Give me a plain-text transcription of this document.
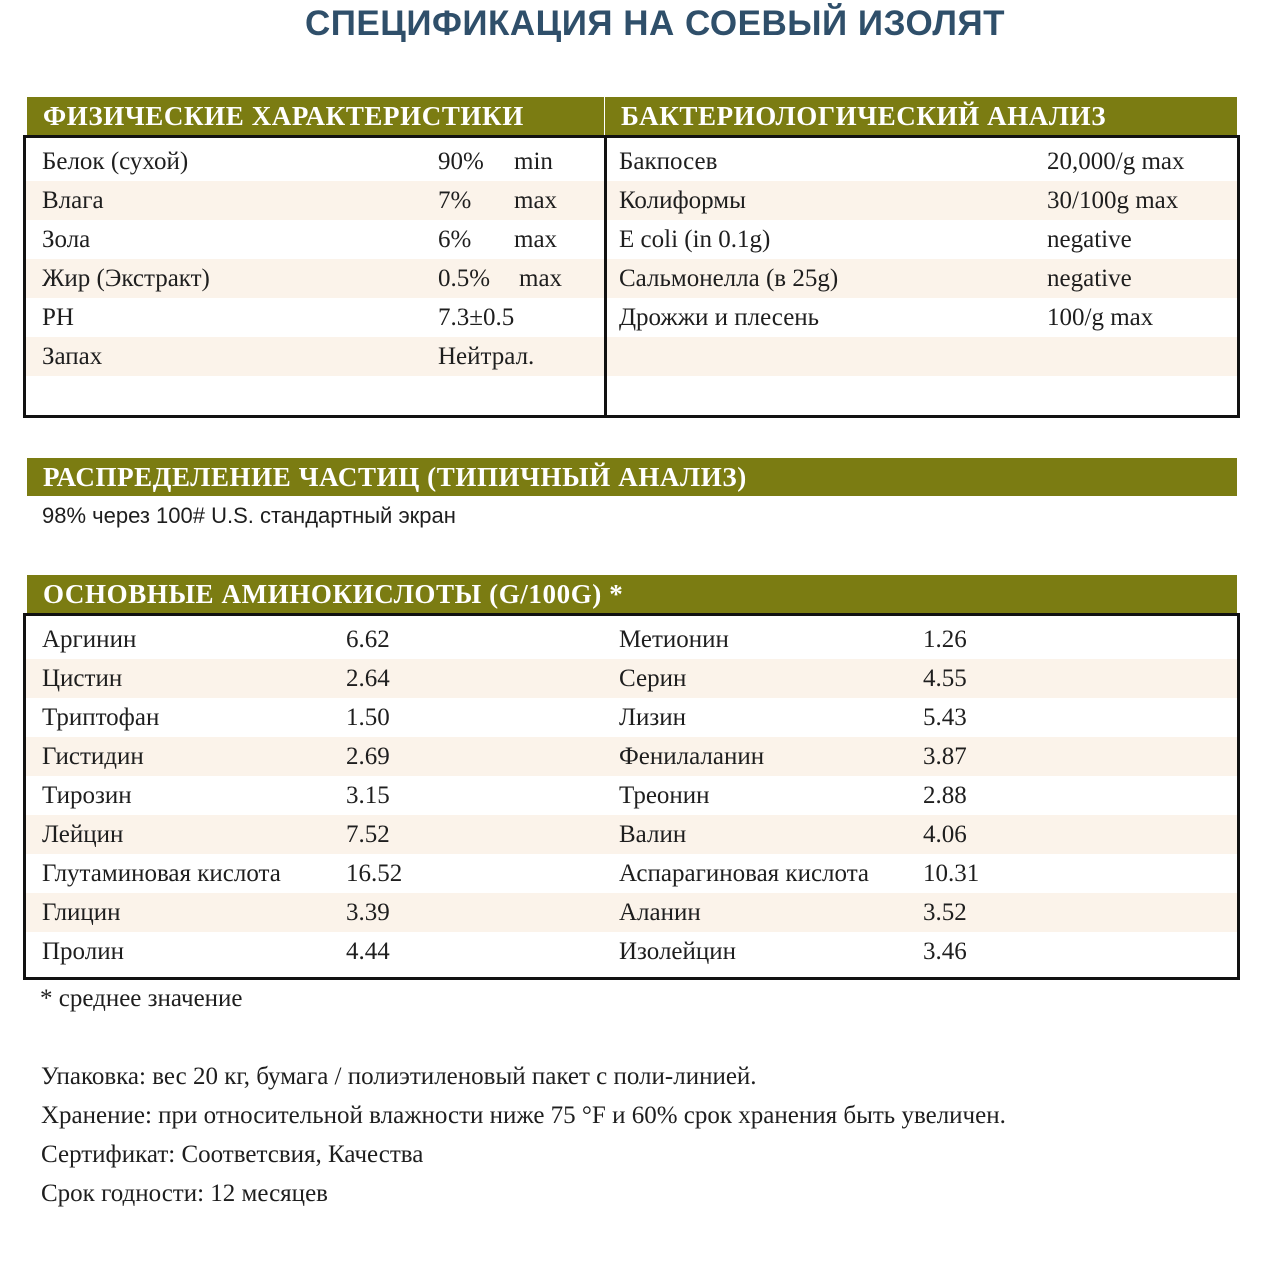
СПЕЦИФИКАЦИЯ НА СОЕВЫЙ ИЗОЛЯТ
ФИЗИЧЕСКИЕ ХАРАКТЕРИСТИКИ
Белок (сухой)	90% min
Влага	7% max
Зола	6% max
Жир (Экстракт)	0.5% max
PH	7.3±0.5
Запах	Нейтрал.
БАКТЕРИОЛОГИЧЕСКИЙ АНАЛИЗ
Бакпосев	20,000/g max
Колиформы	30/100g max
E coli (in 0.1g)	negative
Сальмонелла (в 25g)	negative
Дрожжи и плесень	100/g max
РАСПРЕДЕЛЕНИЕ ЧАСТИЦ (ТИПИЧНЫЙ АНАЛИЗ)
98% через 100# U.S. стандартный экран
ОСНОВНЫЕ АМИНОКИСЛОТЫ (G/100G) *
Аргинин	6.62	Метионин	1.26
Цистин	2.64	Серин	4.55
Триптофан	1.50	Лизин	5.43
Гистидин	2.69	Фенилаланин	3.87
Тирозин	3.15	Треонин	2.88
Лейцин	7.52	Валин	4.06
Глутаминовая кислота	16.52	Аспарагиновая кислота 10.31
Глицин	3.39	Аланин	3.52
Пролин	4.44	Изолейцин	3.46
* среднее значение
Упаковка: вес 20 кг, бумага / полиэтиленовый пакет с поли-линией.
Хранение: при относительной влажности ниже 75 °F и 60% срок хранения быть увеличен.
Сертификат: Соответсвия, Качества
Срок годности: 12 месяцев
